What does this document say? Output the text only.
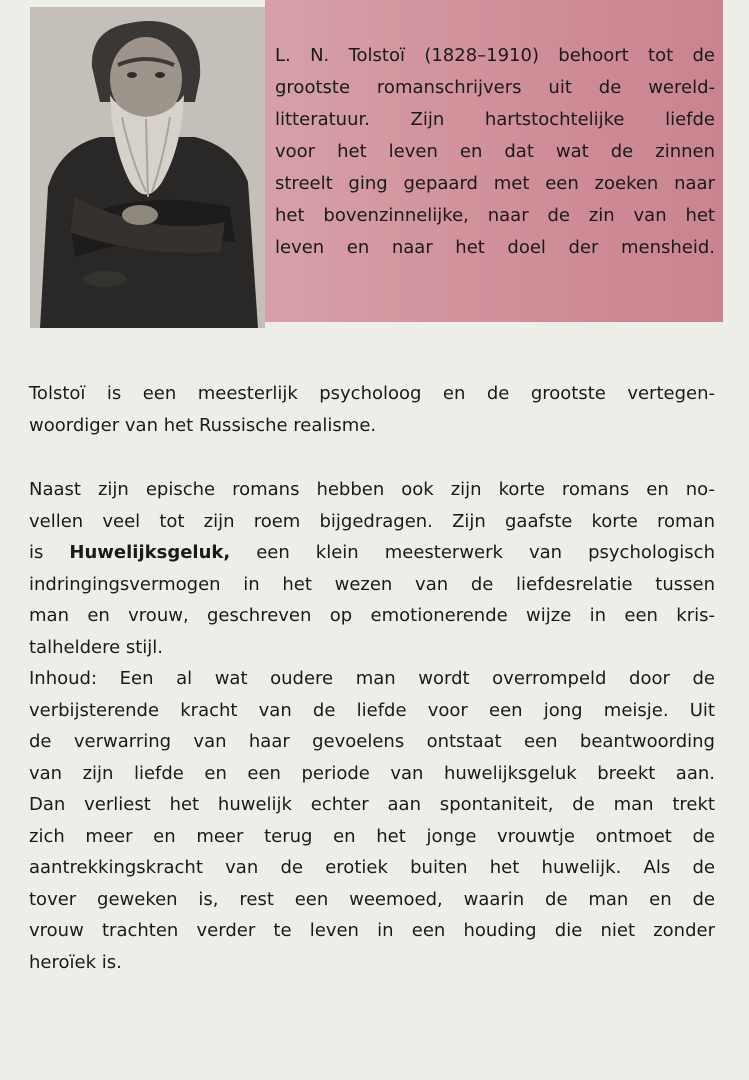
L. N. Tolstoï (1828–1910) behoort tot de
grootste romanschrijvers uit de wereld-
litteratuur. Zijn hartstochtelijke liefde
voor het leven en dat wat de zinnen
streelt ging gepaard met een zoeken naar
het bovenzinnelijke, naar de zin van het
leven en naar het doel der mensheid.
Tolstoï is een meesterlijk psycholoog en de grootste vertegen-
woordiger van het Russische realisme.
Naast zijn epische romans hebben ook zijn korte romans en no-
vellen veel tot zijn roem bijgedragen. Zijn gaafste korte roman
is Huwelijksgeluk, een klein meesterwerk van psychologisch
indringingsvermogen in het wezen van de liefdesrelatie tussen
man en vrouw, geschreven op emotionerende wijze in een kris-
talheldere stijl.
Inhoud: Een al wat oudere man wordt overrompeld door de
verbijsterende kracht van de liefde voor een jong meisje. Uit
de verwarring van haar gevoelens ontstaat een beantwoording
van zijn liefde en een periode van huwelijksgeluk breekt aan.
Dan verliest het huwelijk echter aan spontaniteit, de man trekt
zich meer en meer terug en het jonge vrouwtje ontmoet de
aantrekkingskracht van de erotiek buiten het huwelijk. Als de
tover geweken is, rest een weemoed, waarin de man en de
vrouw trachten verder te leven in een houding die niet zonder
heroïek is.
